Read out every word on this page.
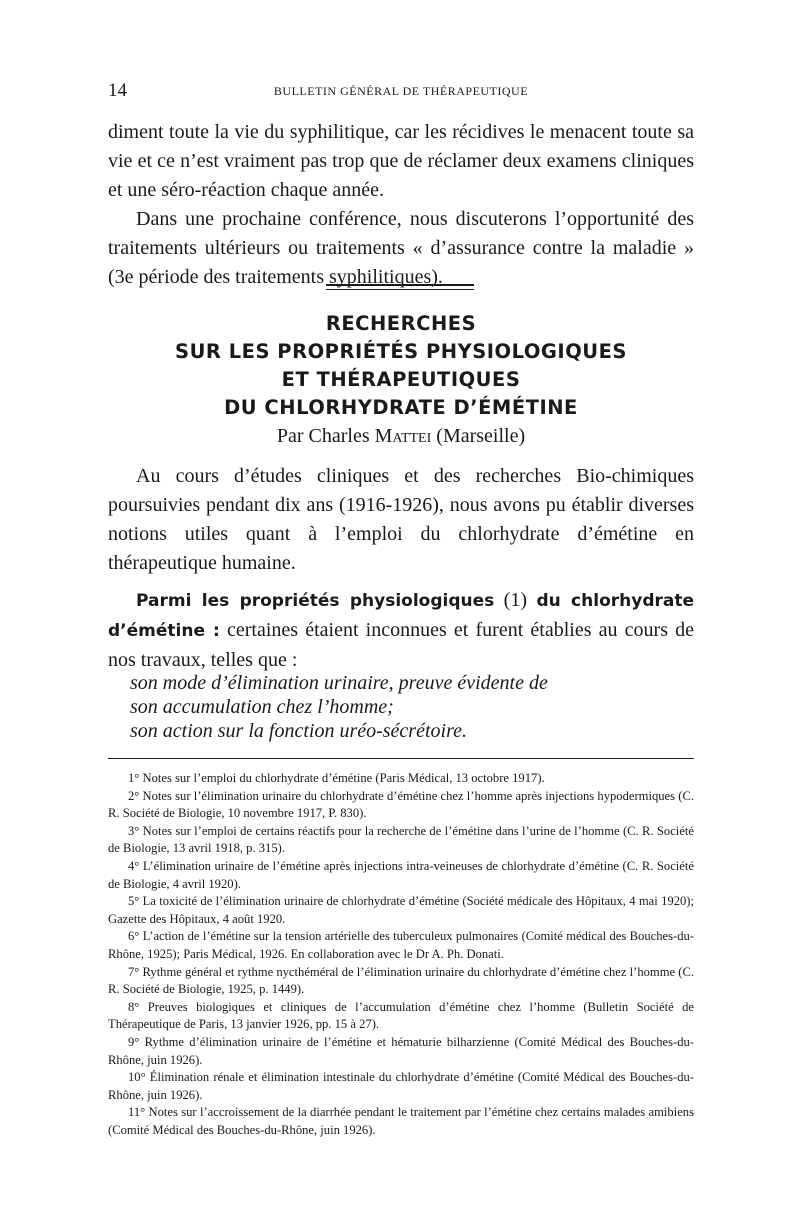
14	BULLETIN GÉNÉRAL DE THÉRAPEUTIQUE

diment toute la vie du syphilitique, car les récidives le menacent toute sa vie et ce n’est vraiment pas trop que de réclamer deux examens cliniques et une séro-réaction chaque année.

Dans une prochaine conférence, nous discuterons l’opportunité des traitements ultérieurs ou traitements « d’assurance contre la maladie » (3e période des traitements syphilitiques).

RECHERCHES
SUR LES PROPRIÉTÉS PHYSIOLOGIQUES
ET THÉRAPEUTIQUES
DU CHLORHYDRATE D’ÉMÉTINE
Par Charles Mattei (Marseille)

Au cours d’études cliniques et des recherches Bio-chimiques poursuivies pendant dix ans (1916-1926), nous avons pu établir diverses notions utiles quant à l’emploi du chlorhydrate d’émétine en thérapeutique humaine.

Parmi les propriétés physiologiques (1) du chlorhydrate d’émétine : certaines étaient inconnues et furent établies au cours de nos travaux, telles que :

son mode d’élimination urinaire, preuve évidente de
son accumulation chez l’homme;
son action sur la fonction uréo-sécrétoire.

1° Notes sur l’emploi du chlorhydrate d’émétine (Paris Médical, 13 octobre 1917).

2° Notes sur l’élimination urinaire du chlorhydrate d’émétine chez l’homme après injections hypodermiques (C. R. Société de Biologie, 10 novembre 1917, P. 830).

3° Notes sur l’emploi de certains réactifs pour la recherche de l’émétine dans l’urine de l’homme (C. R. Société de Biologie, 13 avril 1918, p. 315).

4° L’élimination urinaire de l’émétine après injections intra-veineuses de chlorhydrate d’émétine (C. R. Société de Biologie, 4 avril 1920).

5° La toxicité de l’élimination urinaire de chlorhydrate d’émétine (Société médicale des Hôpitaux, 4 mai 1920); Gazette des Hôpitaux, 4 août 1920.

6° L’action de l’émétine sur la tension artérielle des tuberculeux pulmonaires (Comité médical des Bouches-du-Rhône, 1925); Paris Médical, 1926. En collaboration avec le Dr A. Ph. Donati.

7° Rythme général et rythme nycthéméral de l’élimination urinaire du chlorhydrate d’émétine chez l’homme (C. R. Société de Biologie, 1925, p. 1449).

8° Preuves biologiques et cliniques de l’accumulation d’émétine chez l’homme (Bulletin Société de Thérapeutique de Paris, 13 janvier 1926, pp. 15 à 27).

9° Rythme d’élimination urinaire de l’émétine et hématurie bilharzienne (Comité Médical des Bouches-du-Rhône, juin 1926).

10° Élimination rénale et élimination intestinale du chlorhydrate d’émétine (Comité Médical des Bouches-du-Rhône, juin 1926).

11° Notes sur l’accroissement de la diarrhée pendant le traitement par l’émétine chez certains malades amibiens (Comité Médical des Bouches-du-Rhône, juin 1926).
